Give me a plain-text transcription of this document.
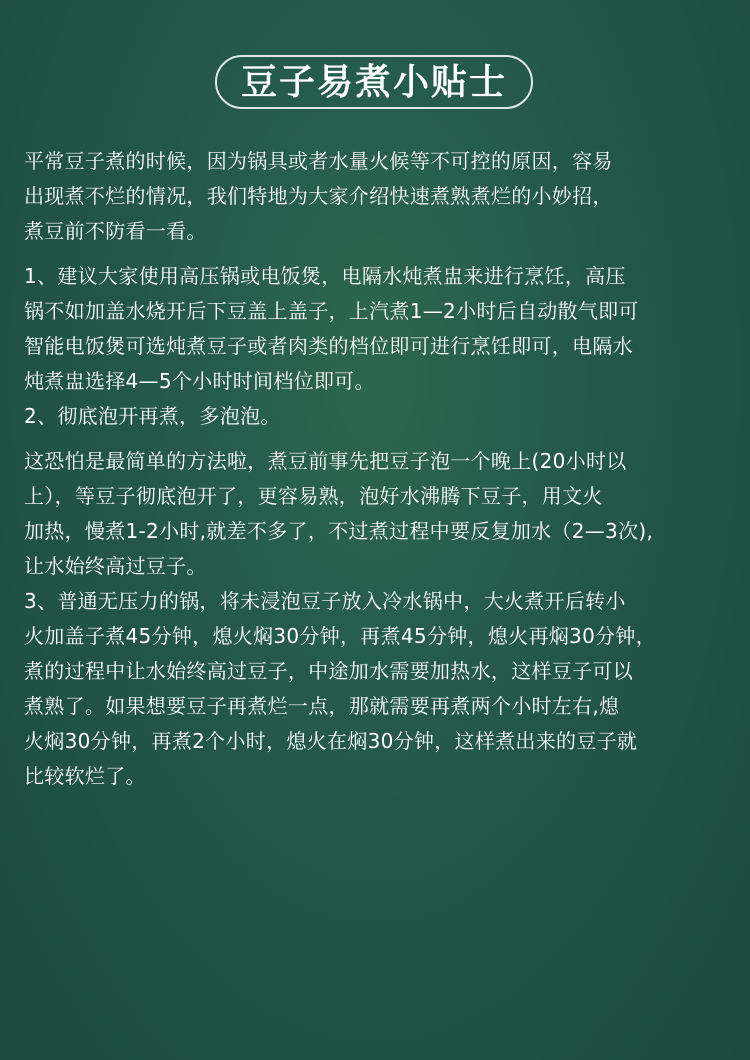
豆子易煮小贴士
平常豆子煮的时候，因为锅具或者水量火候等不可控的原因，容易
出现煮不烂的情况，我们特地为大家介绍快速煮熟煮烂的小妙招，
煮豆前不防看一看。
1、建议大家使用高压锅或电饭煲，电隔水炖煮盅来进行烹饪，高压
锅不如加盖水烧开后下豆盖上盖子，上汽煮1—2小时后自动散气即可
智能电饭煲可选炖煮豆子或者肉类的档位即可进行烹饪即可，电隔水
炖煮盅选择4—5个小时时间档位即可。
2、彻底泡开再煮，多泡泡。
这恐怕是最简单的方法啦，煮豆前事先把豆子泡一个晚上(20小时以
上），等豆子彻底泡开了，更容易熟，泡好水沸腾下豆子，用文火
加热，慢煮1-2小时,就差不多了，不过煮过程中要反复加水（2—3次),
让水始终高过豆子。
3、普通无压力的锅，将未浸泡豆子放入冷水锅中，大火煮开后转小
火加盖子煮45分钟，熄火焖30分钟，再煮45分钟，熄火再焖30分钟，
煮的过程中让水始终高过豆子，中途加水需要加热水，这样豆子可以
煮熟了。如果想要豆子再煮烂一点，那就需要再煮两个小时左右,熄
火焖30分钟，再煮2个小时，熄火在焖30分钟，这样煮出来的豆子就
比较软烂了。
